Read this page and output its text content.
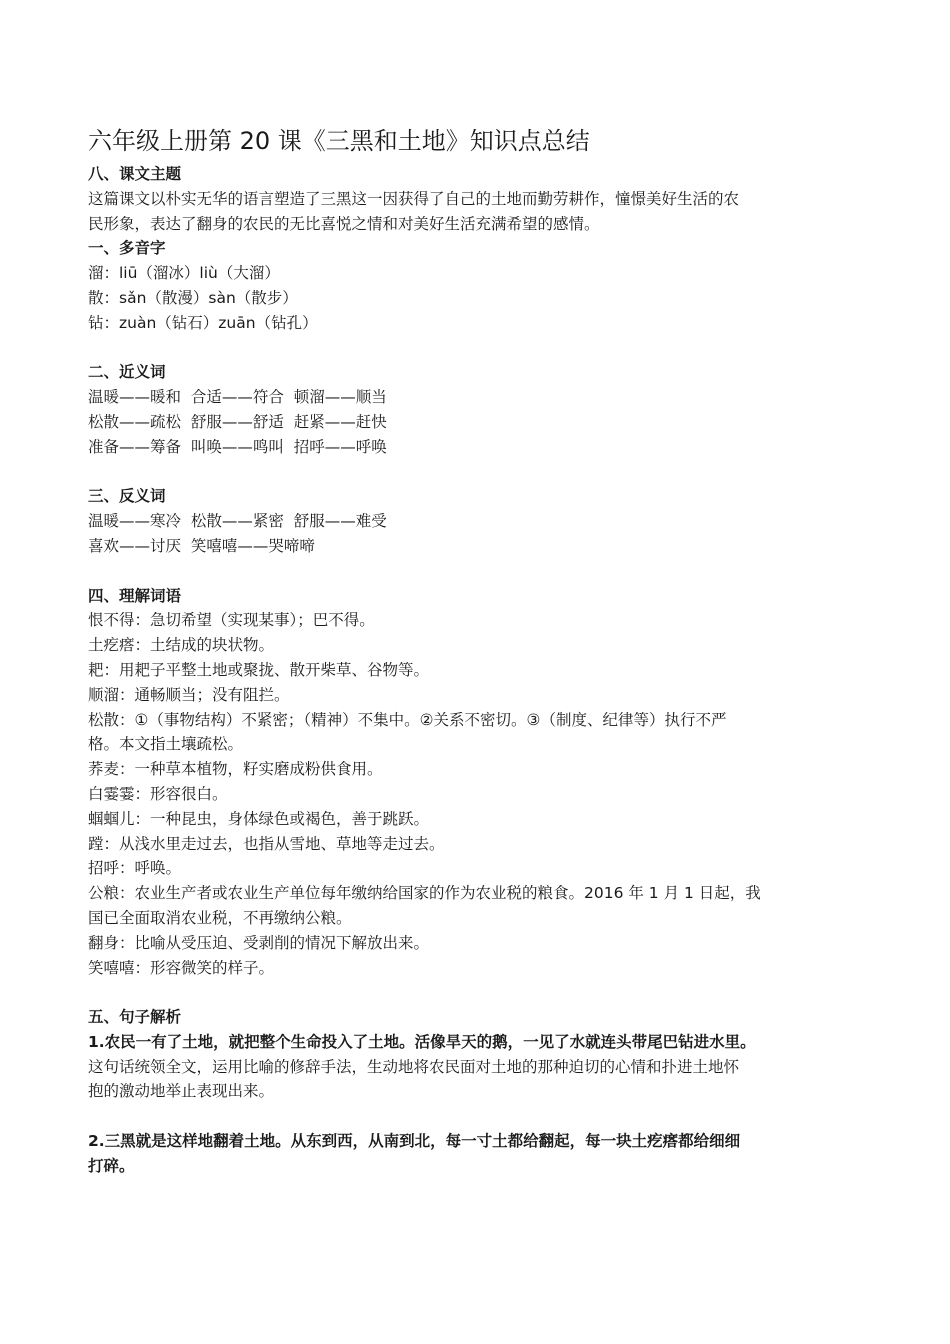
六年级上册第 20 课《三黑和土地》知识点总结
八、课文主题
这篇课文以朴实无华的语言塑造了三黑这一因获得了自己的土地而勤劳耕作，憧憬美好生活的农
民形象，表达了翻身的农民的无比喜悦之情和对美好生活充满希望的感情。
一、多音字
溜：liū（溜冰）liù（大溜）
散：sǎn（散漫）sàn（散步）
钻：zuàn（钻石）zuān（钻孔）
二、近义词
温暖——暖和  合适——符合  顿溜——顺当
松散——疏松  舒服——舒适  赶紧——赶快
准备——筹备  叫唤——鸣叫  招呼——呼唤
三、反义词
温暖——寒冷  松散——紧密  舒服——难受
喜欢——讨厌  笑嘻嘻——哭啼啼
四、理解词语
恨不得：急切希望（实现某事）；巴不得。
土疙瘩：土结成的块状物。
耙：用耙子平整土地或聚拢、散开柴草、谷物等。
顺溜：通畅顺当；没有阻拦。
松散：①（事物结构）不紧密；（精神）不集中。②关系不密切。③（制度、纪律等）执行不严
格。本文指土壤疏松。
荞麦：一种草本植物，籽实磨成粉供食用。
白霎霎：形容很白。
蝈蝈儿：一种昆虫，身体绿色或褐色，善于跳跃。
蹚：从浅水里走过去，也指从雪地、草地等走过去。
招呼：呼唤。
公粮：农业生产者或农业生产单位每年缴纳给国家的作为农业税的粮食。2016 年 1 月 1 日起，我
国已全面取消农业税，不再缴纳公粮。
翻身：比喻从受压迫、受剥削的情况下解放出来。
笑嘻嘻：形容微笑的样子。
五、句子解析
1.农民一有了土地，就把整个生命投入了土地。活像旱天的鹅，一见了水就连头带尾巴钻进水里。
这句话统领全文，运用比喻的修辞手法，生动地将农民面对土地的那种迫切的心情和扑进土地怀
抱的激动地举止表现出来。
2.三黑就是这样地翻着土地。从东到西，从南到北，每一寸土都给翻起，每一块土疙瘩都给细细
打碎。
